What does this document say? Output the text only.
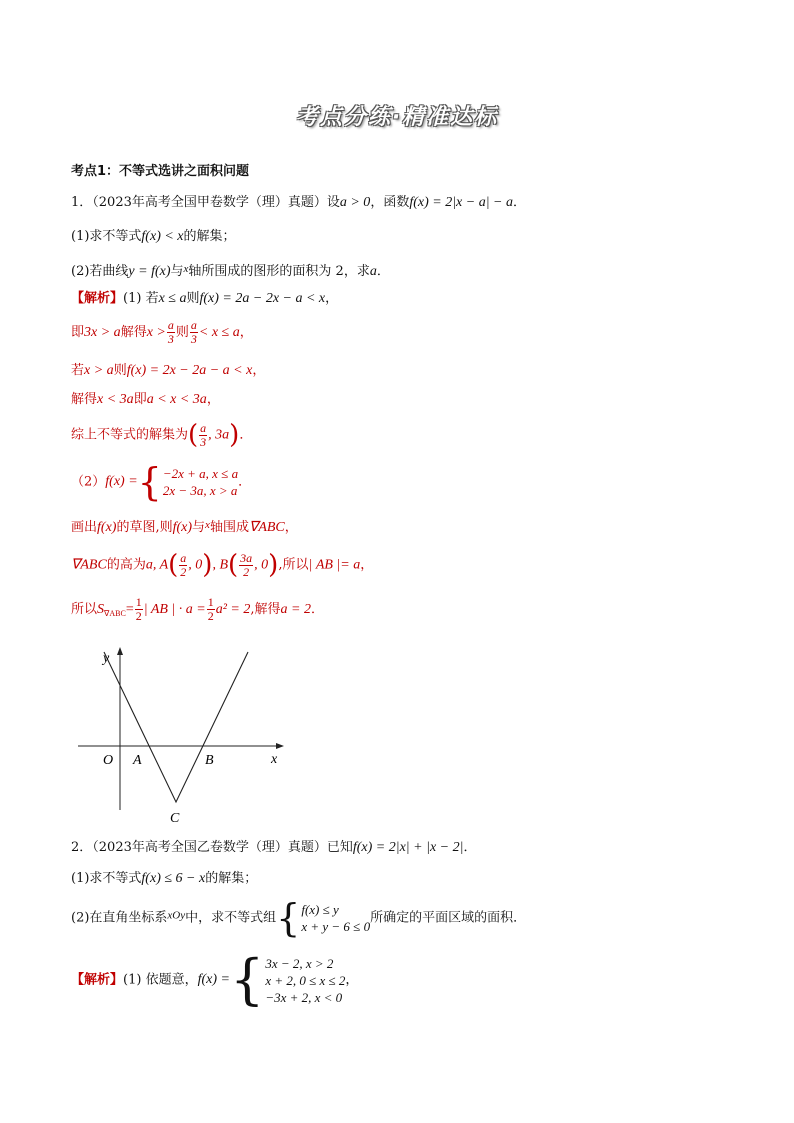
考点分练·精准达标
考点1：不等式选讲之面积问题
1．（2023年高考全国甲卷数学（理）真题）设a > 0，函数f(x) = 2|x − a| − a．
(1)求不等式f(x) < x的解集；
(2)若曲线y = f(x)与$^x$轴所围成的图形的面积为 2，求a．
【解析】(1) 若x ≤ a则f(x) = 2a − 2x − a < x，
即3x > a解得$x > \frac{a}{3}$ 则 $\frac{a}{3} < x \le a$，
若x > a则f(x) = 2x − 2a − a < x，
解得x < 3a即a < x < 3a，
综上不等式的解集为( $\frac{a}{3}$ , 3a)．
（2） f(x) = { −2x + a, x ≤ a
2x − 3a, x > a
．
画出f(x)的草图,则f(x)与$^x$轴围成∇ABC，
∇ABC的高为a, $A( \frac{a}{2}$ , 0), $B( \frac{3a}{2}$ , 0),所以| AB |= a，
所以$S_{\nabla ABC}= \frac{1}{2}$ | AB | · $a = \frac{1}{2} a^2 = 2$,解得a = 2．
y
x
O A	B
C
2．（2023年高考全国乙卷数学（理）真题）已知f(x) = 2|x| + |x − 2|．
(1)求不等式f(x) ≤ 6 − x的解集；
(2)在直角坐标系$^{xOy}$中，求不等式组 { f(x) ≤ y
x + y − 6 ≤ 0
所确定的平面区域的面积．
【解析】(1) 依题意， f(x) = { 3x − 2, x > 2
x + 2, 0 ≤ x ≤ 2
−3x + 2, x < 0
，
